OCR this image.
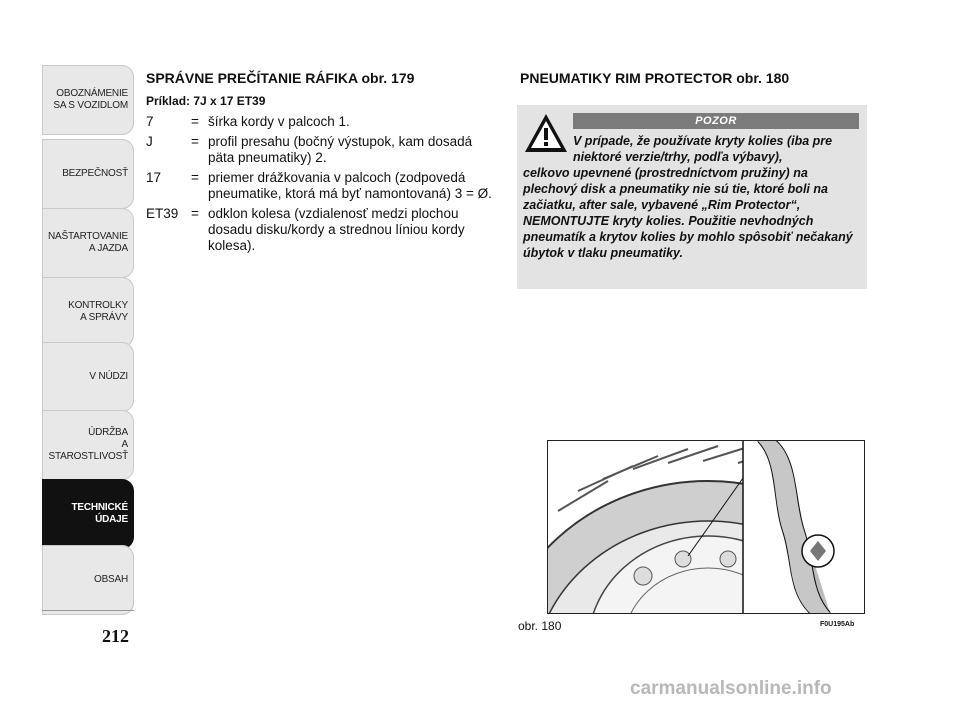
OBOZNÁMENIE
SA S VOZIDLOM
BEZPEČNOSŤ
NAŠTARTOVANIE
A JAZDA
KONTROLKY
A SPRÁVY
V NÚDZI
ÚDRŽBA
A STAROSTLIVOSŤ
TECHNICKÉ
ÚDAJE
OBSAH
212

SPRÁVNE PREČÍTANIE RÁFIKA obr. 179

Príklad: 7J x 17 ET39

7	= šírka kordy v palcoch 1.
J	= profil presahu (bočný výstupok, kam dosadá päta pneumatiky) 2.
17	= priemer drážkovania v palcoch (zodpovedá pneumatike, ktorá má byť namontovaná) 3 = Ø.
ET39 = odklon kolesa (vzdialenosť medzi plochou dosadu disku/kordy a strednou líniou kordy kolesa).

PNEUMATIKY RIM PROTECTOR obr. 180

POZOR
V prípade, že používate kryty kolies (iba pre niektoré verzie/trhy, podľa výbavy),
celkovo upevnené (prostredníctvom pružiny) na plechový disk a pneumatiky nie sú tie, ktoré boli na začiatku, after sale, vybavené „Rim Protector“, NEMONTUJTE kryty kolies. Použitie nevhodných pneumatík a krytov kolies by mohlo spôsobiť nečakaný úbytok v tlaku pneumatiky.
obr. 180	F0U195Ab
carmanualsonline.info
